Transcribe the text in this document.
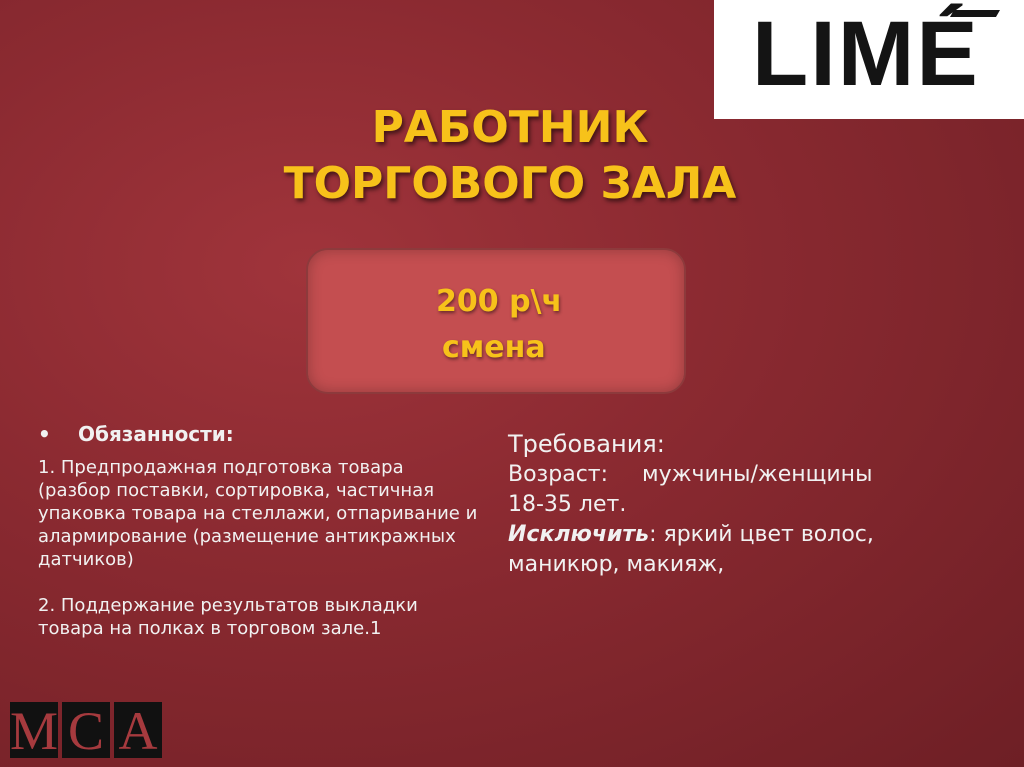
LIMÉ
РАБОТНИК
ТОРГОВОГО ЗАЛА
200 р\ч
смена
• Обязанности:
1. Предпродажная подготовка товара (разбор поставки, сортировка, частичная упаковка товара на стеллажи, отпаривание и алармирование (размещение антикражных датчиков)
2. Поддержание результатов выкладки товара на полках в торговом зале.1
Требования:
Возраст: мужчины/женщины
18-35 лет.
Исключить: яркий цвет волос,
маникюр, макияж,
M C A
